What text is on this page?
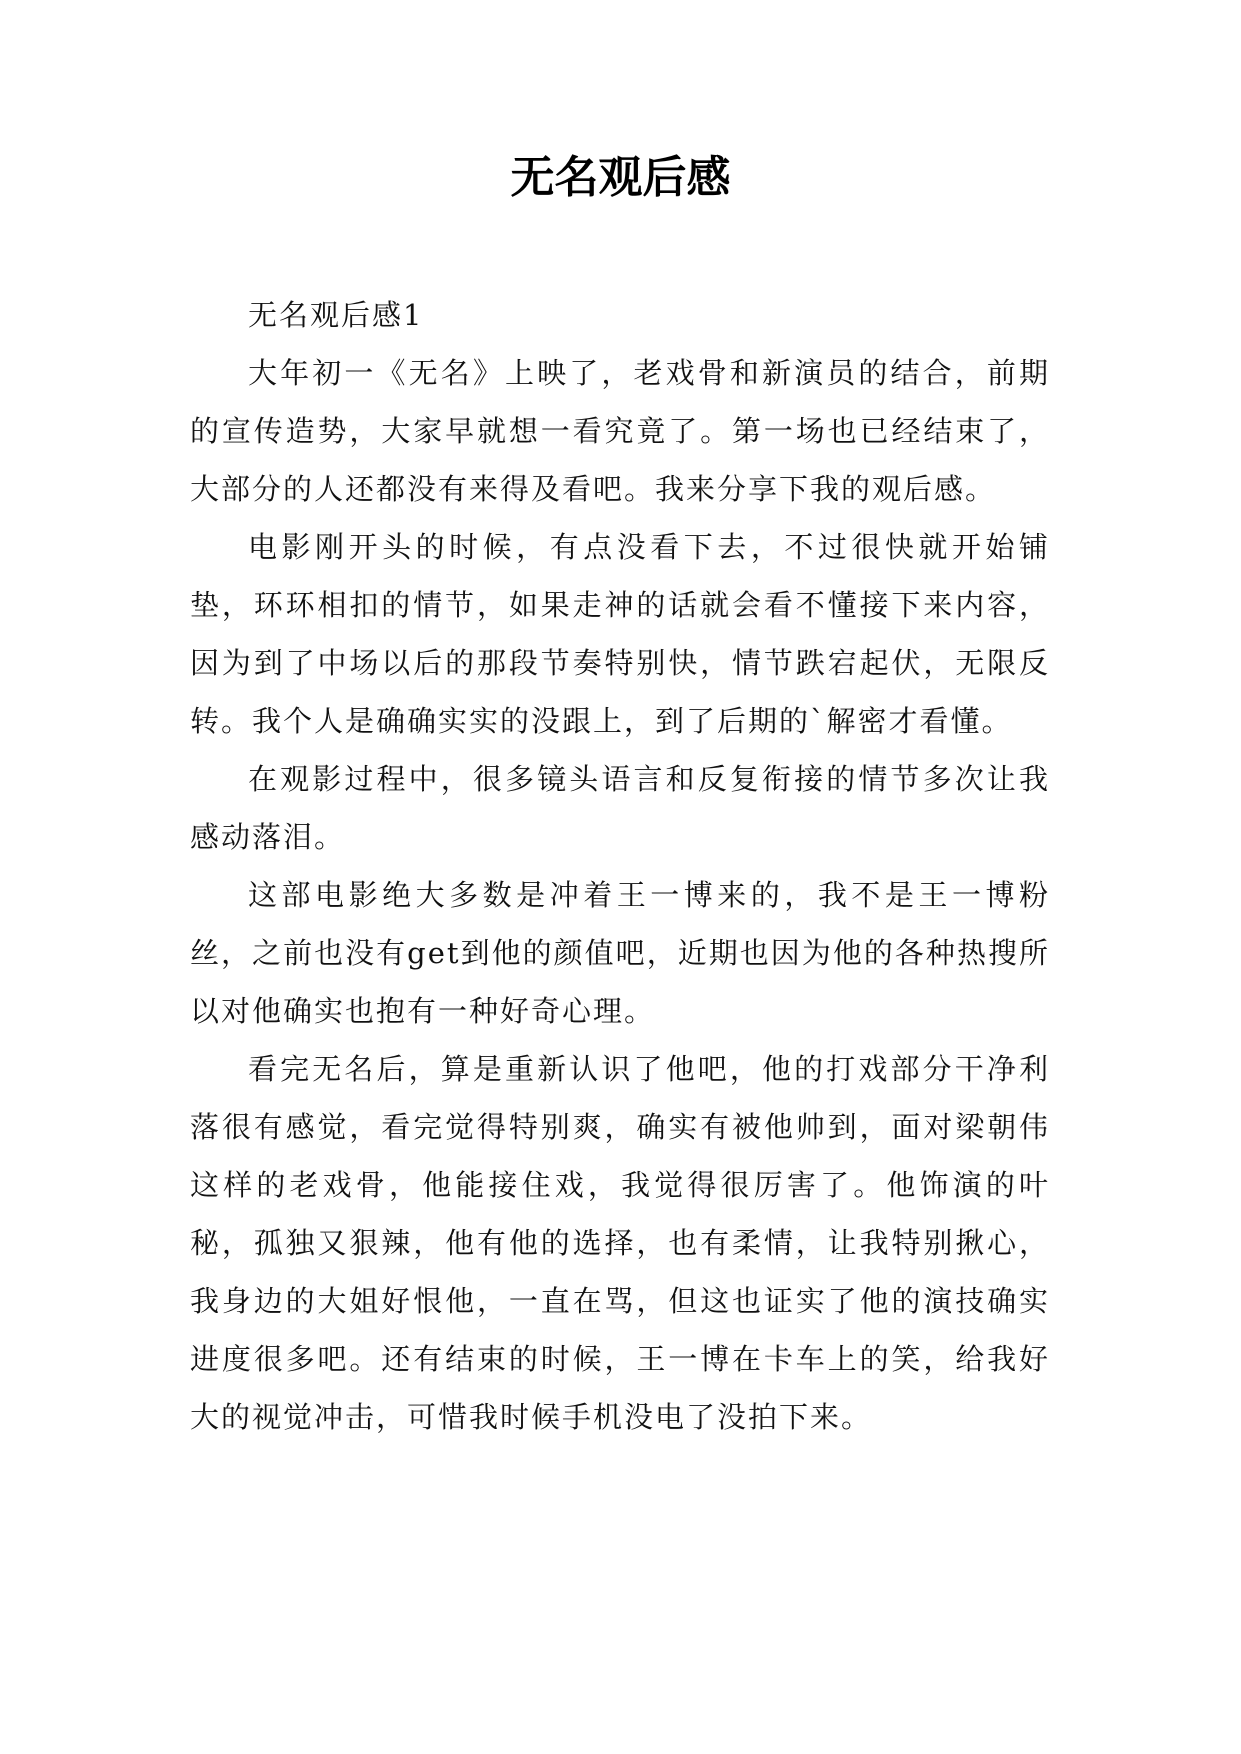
无名观后感

无名观后感1

大年初一《无名》上映了，老戏骨和新演员的结合，前期的宣传造势，大家早就想一看究竟了。第一场也已经结束了，大部分的人还都没有来得及看吧。我来分享下我的观后感。

电影刚开头的时候，有点没看下去，不过很快就开始铺垫，环环相扣的情节，如果走神的话就会看不懂接下来内容，因为到了中场以后的那段节奏特别快，情节跌宕起伏，无限反转。我个人是确确实实的没跟上，到了后期的`解密才看懂。

在观影过程中，很多镜头语言和反复衔接的情节多次让我感动落泪。

这部电影绝大多数是冲着王一博来的，我不是王一博粉丝，之前也没有get到他的颜值吧，近期也因为他的各种热搜所以对他确实也抱有一种好奇心理。

看完无名后，算是重新认识了他吧，他的打戏部分干净利落很有感觉，看完觉得特别爽，确实有被他帅到，面对梁朝伟这样的老戏骨，他能接住戏，我觉得很厉害了。他饰演的叶秘，孤独又狠辣，他有他的选择，也有柔情，让我特别揪心，我身边的大姐好恨他，一直在骂，但这也证实了他的演技确实进度很多吧。还有结束的时候，王一博在卡车上的笑，给我好大的视觉冲击，可惜我时候手机没电了没拍下来。
